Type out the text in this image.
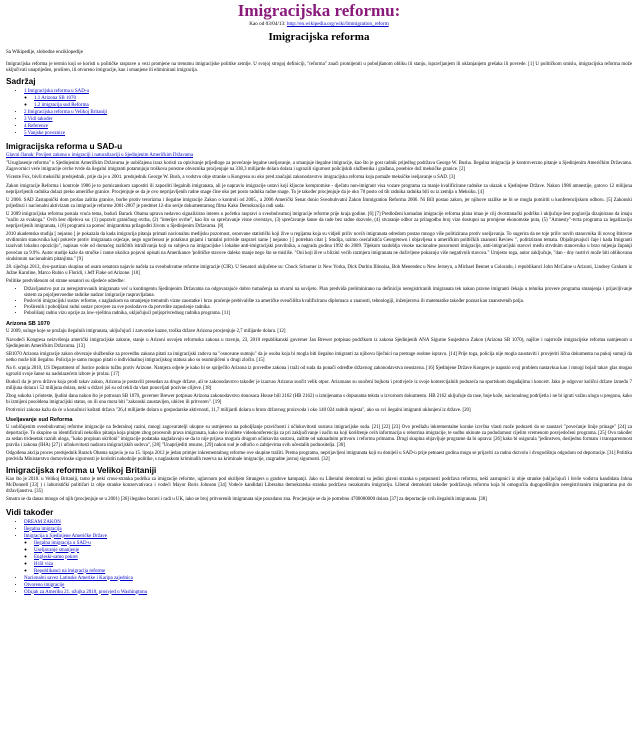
Imigracijska reformu:
Kao od 03/04/13: http://en.wikipedia.org/wiki/Immigration_reform
Imigracijska reforma
Sa Wikipedije, slobodne enciklopedije

Imigracijska reforma je termin koji se koristi u političke rasprave u vezi promjene na trenutnu imigracijske politike zemlje. U svojoj strogoj definiciji, "reforma" znači promijeniti u poboljšanom obliku ili stanju, ispravljanjem ili uklanjanjem grešaka ili povrede. [1] U političkom smislu, imigracijska reforma može uključivati unaprijeđen, proširen, ili otvoreno imigracije, kao i smanjene ili eliminirani imigracija.

Sadržaj
• 1 Imigracijska reforma u SAD-u
◦ 1.1 Arizona SB 1070
◦ 1.2 imigracija sud Reforma
• 2 Imigracijska reforma u Velikoj Britaniji
• 3 Vidi također
• 4 Reference
• 5 Vanjske poveznice
Imigracijska reforma u SAD-u

Glavni članak: Povijest zakona o imigraciji i naturalizaciji u Sjedinjenim Američkim Državama

"Usuglasenje reforma" u Sjedinjenim Američkim Državama je uobičajena izraz koristi za opisivanje prijedloge za povećanje legalne useljavanje, a smanjuje ilegalne imigracije, kao što je gost radnik prijedlog podržava George W. Busha. Ilegalna imigracija je kontroverzno pitanje u Sjedinjenim Američkim Državama. Zagovornici veće imigracije ovrhe tvrde da ilegalni imigranti potamnjuju troškova porezne obveznika procjenjuje na 338,3 milijarde dolara dolara i ugrozili sigurnost policijskih službenika i građana, posebice duž meksičke granice. [2]

Vicente Fox, bivši meksički predsjednik, prije da je u 2001. predsjednik George W. Bush, a vodstvo obje stranke u Kongresu su oko pred značajni zakonodavstvo imigracijska reforma koja pomaže meksičke iseljavanje u SAD. [3]

Zakon imigracije Reforma i kontrole 1986 je to pomicanskom zapostiti ili zaposliti ilegalnih imigranata, ali je napravio imigracije ustavi koji kljucne kompromise - dječatu non-imigrant visa vozare programa za manje kvalificirane radnike za ulazak u Sjedinjene Države. Nakon 1986 amnestije, gotovo 12 milijuna neprijavljenih radnika dolazi preko američke granice. Procjenjuje se da je ovo neprijavljenih radne snage čine oko pet posto radnika radne snage. To je također procjenjuje da je oko 70 posto od tih radnika radnika bili su iz zemlja u Meksiku. [4]

U 2006. SAD Zastupnički dom prošao zaštita granice, borbe protiv terorizma i ilegalne imigracije Zakon o kontroli od 2005., a 2006 Američki Senat donio Sveobuhvatni Zakon Immigration Reforma 2006. Ni Bill postao zakon, jer njihove razlike ne bi se mogla pomiriti u konferencijskom odboru. [5] Zakonski prijedlozi i nacionalni aktivizam za imigracije reforme 2001-2007 je predmet 12-dio serije dokumentarnog filma Kako Demokracija radi sada.

U 2009 imigracijska reforma postala vruća tema, budući Barack Obama uprava nedavno signalizirao interes u početku raspravi o sveobuhvatnoj imigracije reforme prije kraja godine. [6] [7] Predloženi komadan imigracije reforma plana imao je cilj dvostranački podršku i uključuje šest poglavlja dizajnirano da imaju "način za svakoga." Ovih šest dijelova su: (1) popravit graničnog ovrha, (2) "interijer ovrhe", kao što su sprečavanje visne overstays, (3) sprečavanje šanse da rade bez radne dozvole, (4) stvaranje odbor za prilagodbu broj vize dostupni na promjene ekonomske puta, (5) "Amnesty"-tvrta programa za legalizaciju neprijavljenih imigranata, i (6) programi za pomoć imigrantima prilagoditi životu u Sjedinjenim Državama. [8]

2010 akademska studija [ nejasno ] je pokazala da kada imigracija pitanja primati nacionalnu medijsku pozornost, osnovane statistički koji žive u regijama koja su vidjeli priliv novih imigranata odredom postao mnogo više politizirana protiv useljavanja. To sugerira da ne toje priliv novih stanovnika ili novog štitovne stvdimnim stanovnika koji pokreće protiv imigranata osjećaje, nego ogorčenost je potaknut gnjami i tantalni pritvide raspravi same [ nejasno ] [ potreban citat ]. Studija, uzimo osećalističa Georgetown i objavljena u američkim političkih znanosti Review ", politiziranu temata. Objašnjavajući čaje i kada Imigranti izazivati lokalnu opoziciju", napisao vole od domaćeg različitih istraživanja koji su subjeva na imigracijske i lokalne anti-imigracijski pravilnika, a nagrada godina 1992 do 2009. Tijekom razdoblja visoke nacionalne pozornosti imigracije, anti-imigracijski stavovi među strvdnim stanovnika u brzo mijenja županji povećan za 9.9%. Autor studije kaže da stručke i ranne okolica pojavni upisati na Amerikance 'političke stavove daleko manje nego što se misliše. "Oni koji žive u blizini većih razmjera imigranata ne doživljene pokazuju više negativnih stavova." Umjesto toga, autor zaključuje, "dan - dny rastrivi može biti oblikovana sindsimum nacionalnim pitanjima." [9]

28. siječnja 2013, dvo-partizan skupina od osam senatora najavio načela za sveobuhvatne reforme imigracije (CIR). U Senatori uključene su: Chuck Schumer iz New Yorka, Dick Durbin Illinoisa, Bob Menendez u New Jerseyu, a Michael Bennet u Coloradu, i republikanci John McCaine u Arizoni, Lindsey Graham iz Južne Karoline, Marco Rubio u Floridi, i Jeff Flake od Arizone. [10]

Politike predviđenom od strane senatori su sljedeće odredbe:

• Državljanstvo put za neregistrovanih imigranata već u kontingentu Sjedinjenim Državama na odgovarajuće dobro tumačenja na stvarni na usvijeto. Plan predviđa preliminirano na definiciju neregistriranih imigranata tek nakon pravne imigranti čekaju u tehnika provere programa smanjenja i prijavljivanje sistem za pojoljenvoedne radnike nadzor imigracije raspravljalana.
• Posloviti imigracijski sustav reforme, s naglaskom na smanjenje trenutnih vizne zaostatke i brzo praćenje prebivalište za američke sveučilišta kvalificiranu diplomaca u znanosti, tehnologiji, inženjerstva ili matematike također poznat kao znanstvenih polja.
• Proširenih i poboljšani radni sustav provjere za sve poslodavce da potvrdite zaposlenje radnika.
• Pobolišanj radnu vizu opcije za low-vještina radnika, uključujući poljoprivrednog radnika programa. [11]
Arizona SB 1070

U 2009, usluge koje se pružaju ilegalnih imigranata, uključujući i zatvorske kazne, troška države Arizona procjenjuje 2,7 milijarde dolara. [12]

Navodeći Kongresa neizvršenja američki imigracijske zakone, stanje u Arizoni usvojen reformska zakona u travnju, 23, 2010 republikanski guverner Jan Brewer potpisao podržkom iz zakona Sjedinjenih ANA Sigurne Susjedstva Zakon (Arizona SB 1070), najšire i najstrože imigracijske reforma namjenom u Sjedinjenim Američkim Državama. [13]

SB1070 Arizona imigracije zakon obvezuje službenike za provedbu zakona pitati za imigracijski radova na "osnovane sumnju" da je osoba koja bi mogla biti ilegalno imigranti za njihovu liječnici na pretrage osobne ispravu. [14] Prije toga, policija nije mogla zaustaviti i provjeriti lična dokumenta na pukoj sumnji da netko može biti ilegalno. Policija je samo mogao pitati o individualnoj imigracijskog statusa ako su osumnjičeni u drugi zločin. [15]

Na 6. srpnja 2010, US Department of Justice podnio tužbu protiv Arizone. Namjera odjele je kako bi se spriječilo Arizona iz provedbe zakona i traži od suda da ponači odredbe državnog zakonodavstva neustavna. [16] Sjedinjene Države Kongres je naputio ovaj problem nastavkua kao i mnogi bojali takav glas mogao ugroziti svoje šanse na nadolazećem izbore je prolaz. [17]

Budući da je prvu državu koja prodi takav zakon, Arizona je postavili presedan za druge države, ali te zakonodavstvo također je izazvao Arizona suočit velik otpor. Arizonans su suočeni bojkota i protivjeće iz svoje komercijalnih poduzeća na sportskom događajima i koncert. Jako je odgovor količni države između 7 milijuna dolara i 52 milijuna dolara, neki u državi još su od rekli da vlast ponovljati pozivne ciljove. [18]

Zbog sukoba i prioteste, ljudini dana nakon što je potrosan SB 1070, guverner Brewer potpisao Arizona zakonodavstvo donosaca House bill 2162 (HB 2162) u izmijenama s dopunama teksta u izvornom dokumentu. HB 2162 uključuje da rase, boje kože, nacionalnog podrijetla i ne bi igrati važnu ulogu u pregonu, kako bi izmijeni posoldena imigracijski status, on ili ona mora biti "zakonski zaustavljen, uhićen ili pritvoren". [19]

Protivnici zakona kažu da će u konačnici koštati država "26,4 milijarde dolara u gospodarske aktivnosti, 11,7 milijardi dolara u bruto državnog proizvoda i oko 140 024 radnih mjesta", ako su svi ilegalni imigranti uklonjeni iz države. [20]

Useljavanje sud Reforma

U uobičajenim sveobuhvatnoj reforme imigracije na federalnoj razini, mnogi zagovaratelji ukupne su usmjereno na poboljšanje pravičnosti i učinkovitosti sustava imigracijske suda. [21] [22] [23] Ovo predlažu inkrementalne korake izvršna vlasti može poduzeti da se zaustavi "povećanje linije prinage" [24] za deportacije. To skupine su identificirali nekoliko pitanja koja pinipte zbog procesnih prava imigranata, kako ne kvalitete videokonferencija za pri zaključivanje i način na koji korištenje ovih informacija u rehutrina imigracije, te sudbu ukinute za podudarnost cijelim vremenom posvjedočeni programa. [25] Ovo također za sedan tridesetak raznih uloga, "kako propisan ukriloni" imigracije podataka naglašavaju se da to nije prijava moguća drugom učinkovita sustava, zaštite od naknadnim pritvoru i reformu primarnu. Drugi skupina objavljuje programe da bi uprava: [26] kako bi osigurala "jedinstven, dosljednu formatu i transparentnost pravila i zakona (IHA) [27] i učinkovitosti nadzora imigracijskih sudova", [28] "Unaprijediti resurse, [29] nakon sud je odlučio o zahtjevima svih učestalih podnositelja. [30]

Odgođena akcija proces predsjednik Barack Obama najavio je na 15. lipnja 2012 je jedan primjer inkrementalnog reforme ove skupine tražiti. Prema programu, neprijavljeni imigranata koji su donijeli u SAD-u prije petnaest godina mogu se prijaviti za radnu dozvolu i dvogodišnju odgodaru od deportacije. [31] Politika predviđa Ministarstvo domovinske sigurnosti je koristiti nahodnije politike, s naglaskom kriminalih rezerva na kriminale imigracije, razgradne javnoj sigurnosti. [32]

Imigracijska reforma u Velikoj Britaniji

Kao što je 2010. u Velikoj Britaniji, tamo je neki cross-stranka podrška za imigracije reforme, uglavnom pod okriljem Strangers u gradove kampanji. Jako su Liberalni demokrati su jedini glavni stranka u potpunosti podržava reformu, neki zastupnici iz obje stranke (uključujući i bivše vođstva kandidata Johna McDonnell [33] ) i laburistički političari iz obje stranke konzervativaca i vodeći Mayor Boris Johnson [34] Vodeće kandidati Liberalna demokratska stranka podržava nezakonitu imigraciju. Liberal demokrati također podržavaju reformu koja bi omogućila dugogodišnjim neregistriranim imigrantima put do državljanstva. [35]

Smatra se da danas mnogo od njih (procjenjuje se u 2001) [36] ilegalno boravi i radi u UK, iako se broj pritvorenih imigranata nije pouzdano zna. Procjenjuje se da je potrebno 4700000000 dolara [37] za deportacije svih ilegalnih imigranata. [38]

Vidi također
• DREAM ZAKON
• Ilegalna imigracija
• Imigracija u Sjedinjene Američke Države
◦ Ilegalna imigracija u SAD-u
◦ Useljavanje smanjenje
◦ Engleski-samo pokret
◦ H1B viza
◦ Republikanci na imigracija reforme
• Nacionalni savez Latinske Amerike i Karipa zajednica
• Otvoreno imigracije
• Ožujak za Ameriku 21. ožujka 2010, prosvjed u Washingtonu
